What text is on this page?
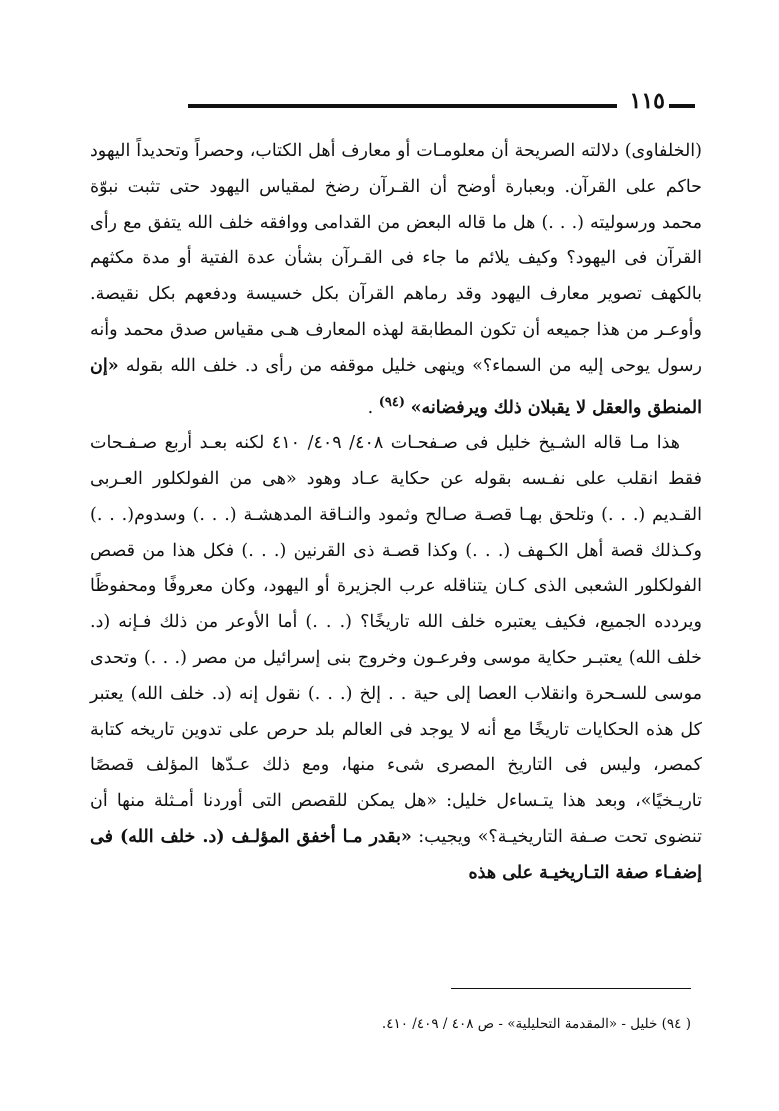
١١٥

(الخلفاوى) دلالته الصريحة أن معلومـات أو معارف أهل الكتاب، وحصراً وتحديداً اليهود حاكم على القرآن. وبعبارة أوضح أن القـرآن رضخ لمقياس اليهود حتى تثبت نبوّة محمد ورسوليته (. . .) هل ما قاله البعض من القدامى ووافقه خلف الله يتفق مع رأى القرآن فى اليهود؟ وكيف يلائم ما جاء فى القـرآن بشأن عدة الفتية أو مدة مكثهم بالكهف تصوير معارف اليهود وقد رماهم القرآن بكل خسيسة ودفعهم بكل نقيصة. وأوعـر من هذا جميعه أن تكون المطابقة لهذه المعارف هـى مقياس صدق محمد وأنه رسول يوحى إليه من السماء؟» وينهى خليل موقفه من رأى د. خلف الله بقوله «إن المنطق والعقل لا يقبلان ذلك ويرفضانه» $^{(٩٤)}$ .

هذا مـا قاله الشـيخ خليل فى صـفحـات ٤٠٨/ ٤٠٩/ ٤١٠ لكنه بعـد أربع صـفـحات فقط انقلب على نفـسه بقوله عن حكاية عـاد وهود «هى من الفولكلور العـربى القـديم (. . .) وتلحق بهـا قصـة صـالح وثمود والنـاقة المدهشـة (. . .) وسدوم(. . .) وكـذلك قصة أهل الكـهف (. . .) وكذا قصـة ذى القرنين (. . .) فكل هذا من قصص الفولكلور الشعبى الذى كـان يتناقله عرب الجزيرة أو اليهود، وكان معروفًا ومحفوظًا ويردده الجميع، فكيف يعتبره خلف الله تاريخًا؟ (. . .) أما الأوعر من ذلك فـإنه (د. خلف الله) يعتبـر حكاية موسى وفرعـون وخروج بنى إسرائيل من مصر (. . .) وتحدى موسى للسـحرة وانقلاب العصا إلى حية . . إلخ (. . .) نقول إنه (د. خلف الله) يعتبر كل هذه الحكايات تاريخًا مع أنه لا يوجد فى العالم بلد حرص على تدوين تاريخه كتابة كمصر، وليس فى التاريخ المصرى شىء منها، ومع ذلك عـدّها المؤلف قصصًا تاريـخيًا»، وبعد هذا يتـساءل خليل: «هل يمكن للقصص التى أوردنا أمـثلة منها أن تنضوى تحت صـفة التاريخيـة؟» ويجيب: «بقدر مـا أخفق المؤلـف (د. خلف الله) فى إضفـاء صفة التـاريخيـة على هذه

( ٩٤) خليل - «المقدمة التحليلية» - ص ٤٠٨ / ٤٠٩/ ٤١٠.
